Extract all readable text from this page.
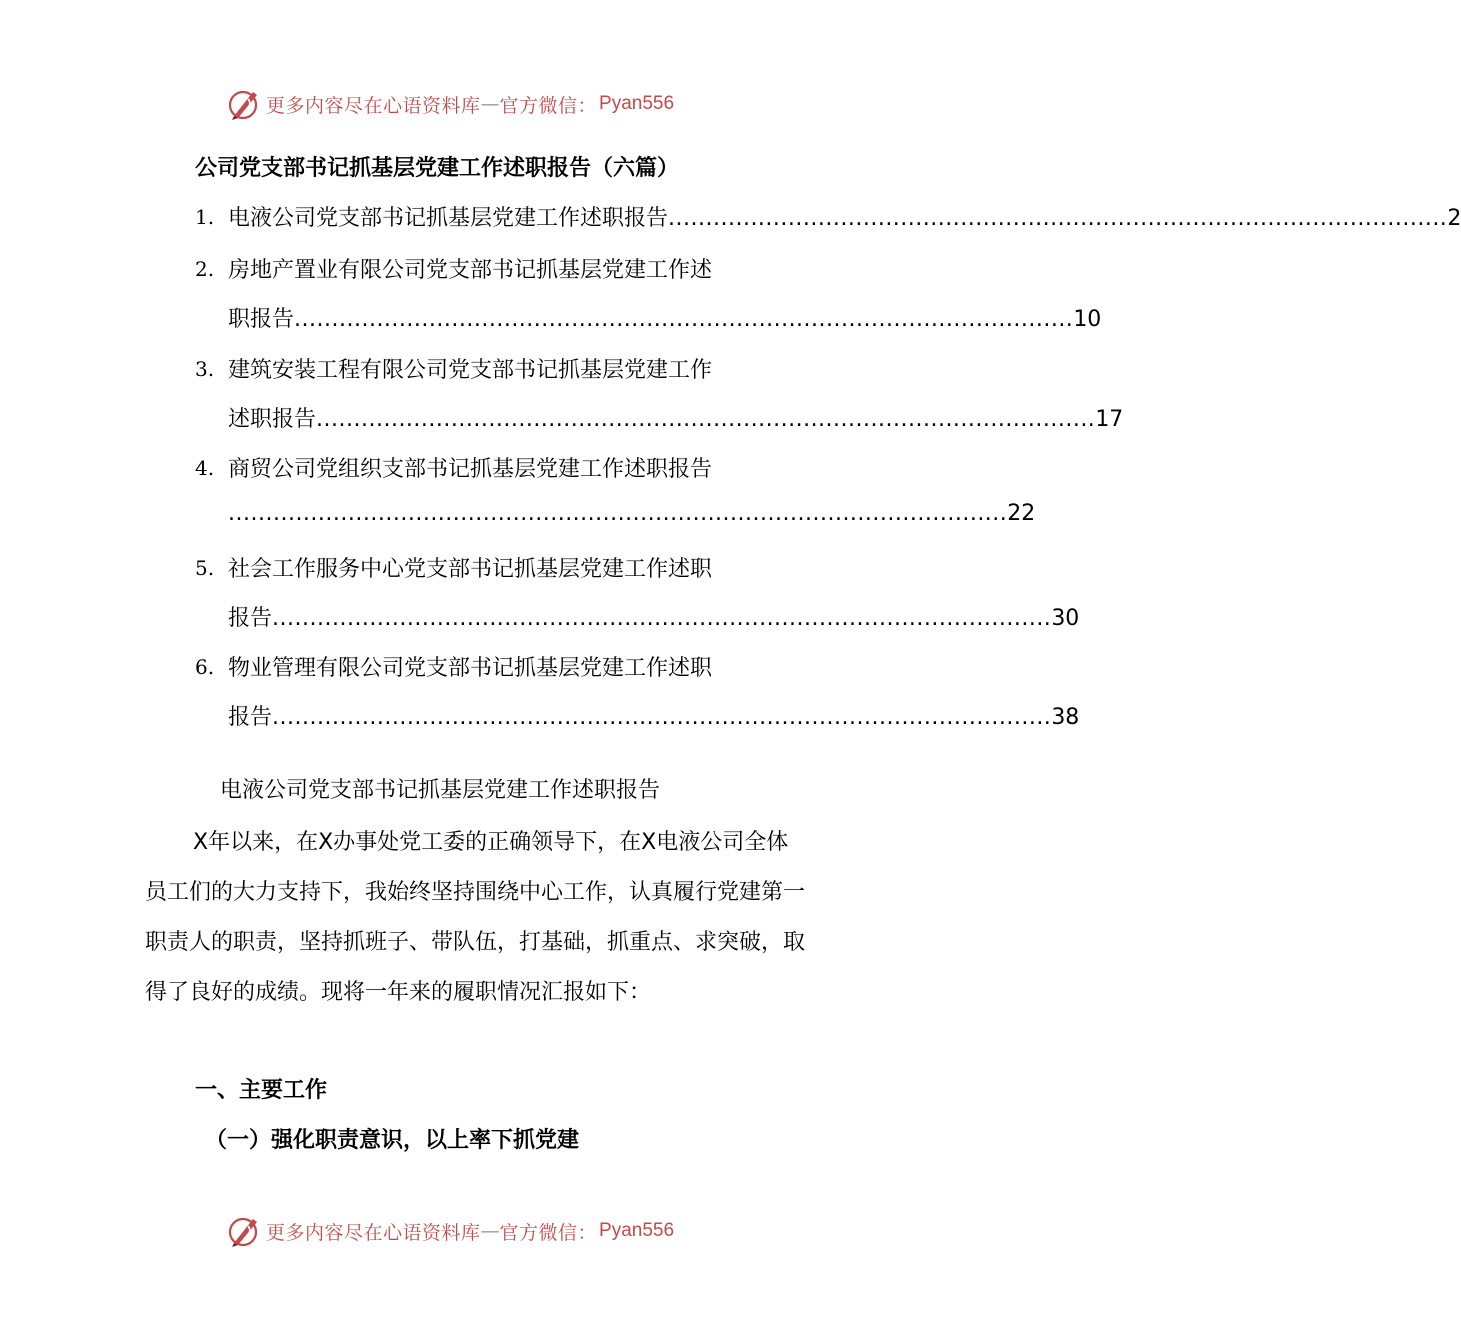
更多内容尽在心语资料库 — 官方微信： Pyan556
公司党支部书记抓基层党建工作述职报告（六篇）
1. 电液公司党支部书记抓基层党建工作述职报告 ........................................................................................................ 2
2. 房地产置业有限公司党支部书记抓基层党建工作述
职报告 ........................................................................................................ 10
3. 建筑安装工程有限公司党支部书记抓基层党建工作
述职报告 ........................................................................................................ 17
4. 商贸公司党组织支部书记抓基层党建工作述职报告
........................................................................................................ 22
5. 社会工作服务中心党支部书记抓基层党建工作述职
报告 ........................................................................................................ 30
6. 物业管理有限公司党支部书记抓基层党建工作述职
报告 ........................................................................................................ 38
电液公司党支部书记抓基层党建工作述职报告

X年以来，在X办事处党工委的正确领导下，在X电液公司全体员工们的大力支持下，我始终坚持围绕中心工作，认真履行党建第一职责人的职责，坚持抓班子、带队伍，打基础，抓重点、求突破，取得了良好的成绩。现将一年来的履职情况汇报如下：

一、主要工作
（一）强化职责意识，以上率下抓党建
更多内容尽在心语资料库 — 官方微信： Pyan556
